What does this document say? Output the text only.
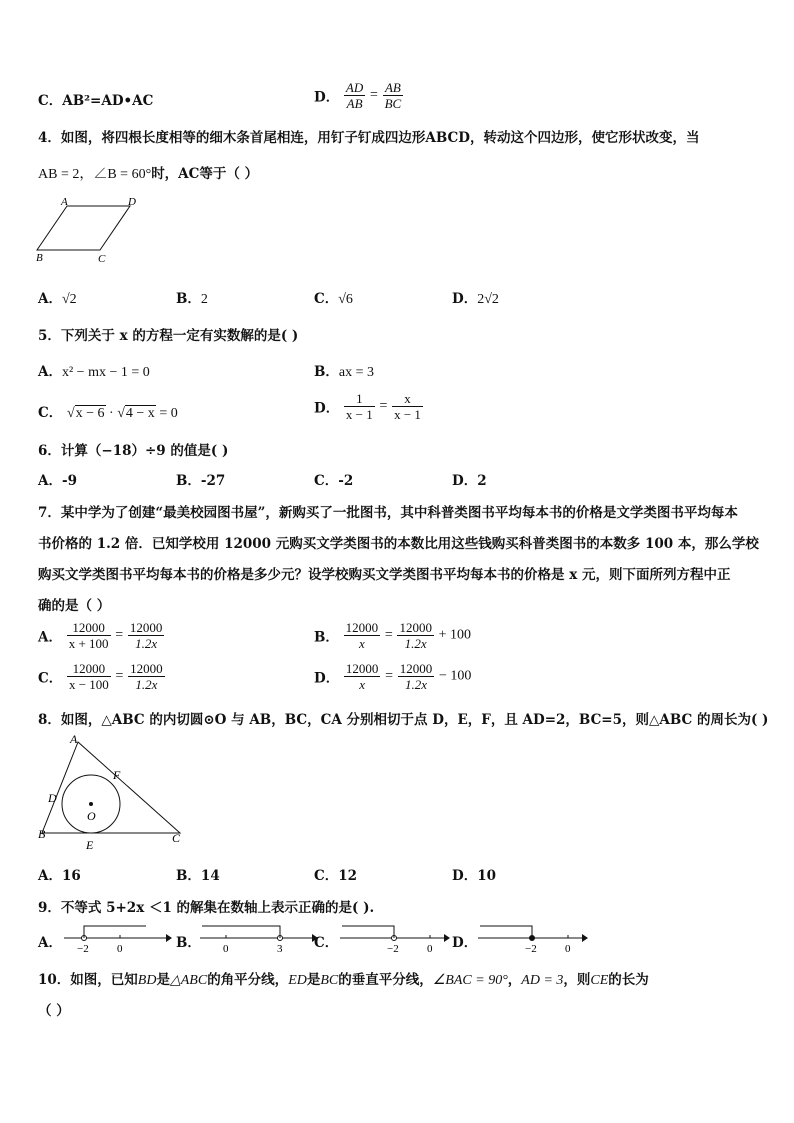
C．AB²=AD•AC	D． $\frac{AD}{AB} = \frac{AB}{BC}$
4．如图，将四根长度相等的细木条首尾相连，用钉子钉成四边形ABCD，转动这个四边形，使它形状改变，当
AB = 2，∠B = 60°时，AC等于（ ）
A	D
B	C
A．√2	B．2	C．√6	D．2√2
5．下列关于 x 的方程一定有实数解的是( )
A．x² − mx − 1 = 0	B．ax = 3
C． √x − 6 · √4 − x = 0	D． $\frac{1}{x - 1} = \frac{x}{x - 1}$
6．计算（−18）÷9 的值是( )
A．-9	B．-27	C．-2	D．2
7．某中学为了创建“最美校园图书屋”，新购买了一批图书，其中科普类图书平均每本书的价格是文学类图书平均每本
书价格的 1.2 倍．已知学校用 12000 元购买文学类图书的本数比用这些钱购买科普类图书的本数多 100 本，那么学校
购买文学类图书平均每本书的价格是多少元？设学校购买文学类图书平均每本书的价格是 x 元，则下面所列方程中正
确的是（ ）
A． $\frac{12000}{x + 100} = \frac{12000}{1.2x}$	B． $\frac{12000}{x} = \frac{12000}{1.2x} + 100$
C． $\frac{12000}{x - 100} = \frac{12000}{1.2x}$	D． $\frac{12000}{x} = \frac{12000}{1.2x} - 100$
8．如图，△ABC 的内切圆⊙O 与 AB，BC，CA 分别相切于点 D，E，F，且 AD=2，BC=5，则△ABC 的周长为( )
A
F
D
O
B	C
E
A．16	B．14	C．12	D．10
9．不等式 5+2x ＜1 的解集在数轴上表示正确的是( ).
A． −2	0	B． 0	3 C．	−2	0 D．	−2	0
10．如图，已知BD是△ABC的角平分线，ED是BC的垂直平分线，∠BAC = 90°，AD = 3，则CE的长为
（ ）
